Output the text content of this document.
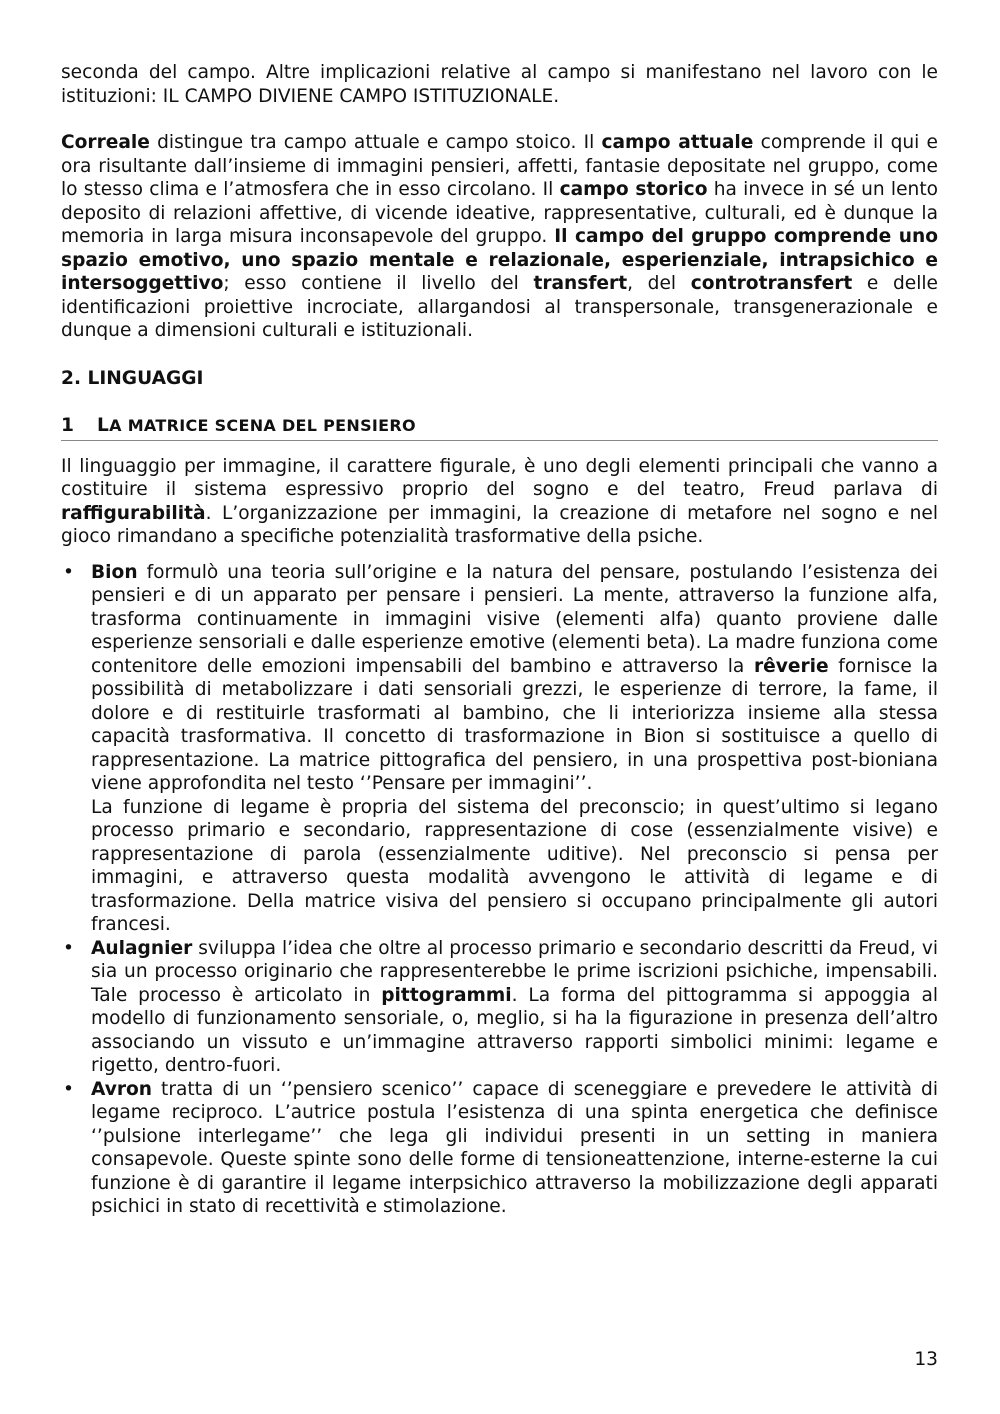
seconda del campo. Altre implicazioni relative al campo si manifestano nel lavoro con le istituzioni: IL CAMPO DIVIENE CAMPO ISTITUZIONALE.

Correale distingue tra campo attuale e campo stoico. Il campo attuale comprende il qui e ora risultante dall’insieme di immagini pensieri, affetti, fantasie depositate nel gruppo, come lo stesso clima e l’atmosfera che in esso circolano. Il campo storico ha invece in sé un lento deposito di relazioni affettive, di vicende ideative, rappresentative, culturali, ed è dunque la memoria in larga misura inconsapevole del gruppo. Il campo del gruppo comprende uno spazio emotivo, uno spazio mentale e relazionale, esperienziale, intrapsichico e intersoggettivo; esso contiene il livello del transfert, del controtransfert e delle identificazioni proiettive incrociate, allargandosi al transpersonale, transgenerazionale e dunque a dimensioni culturali e istituzionali.

2. LINGUAGGI
1	LA MATRICE SCENA DEL PENSIERO

Il linguaggio per immagine, il carattere figurale, è uno degli elementi principali che vanno a costituire il sistema espressivo proprio del sogno e del teatro, Freud parlava di raffigurabilità. L’organizzazione per immagini, la creazione di metafore nel sogno e nel gioco rimandano a specifiche potenzialità trasformative della psiche.

• Bion formulò una teoria sull’origine e la natura del pensare, postulando l’esistenza dei pensieri e di un apparato per pensare i pensieri. La mente, attraverso la funzione alfa, trasforma continuamente in immagini visive (elementi alfa) quanto proviene dalle esperienze sensoriali e dalle esperienze emotive (elementi beta). La madre funziona come contenitore delle emozioni impensabili del bambino e attraverso la rêverie fornisce la possibilità di metabolizzare i dati sensoriali grezzi, le esperienze di terrore, la fame, il dolore e di restituirle trasformati al bambino, che li interiorizza insieme alla stessa capacità trasformativa. Il concetto di trasformazione in Bion si sostituisce a quello di rappresentazione. La matrice pittografica del pensiero, in una prospettiva post-bioniana viene approfondita nel testo ‘’Pensare per immagini’’.

La funzione di legame è propria del sistema del preconscio; in quest’ultimo si legano processo primario e secondario, rappresentazione di cose (essenzialmente visive) e rappresentazione di parola (essenzialmente uditive). Nel preconscio si pensa per immagini, e attraverso questa modalità avvengono le attività di legame e di trasformazione. Della matrice visiva del pensiero si occupano principalmente gli autori francesi.

• Aulagnier sviluppa l’idea che oltre al processo primario e secondario descritti da Freud, vi sia un processo originario che rappresenterebbe le prime iscrizioni psichiche, impensabili. Tale processo è articolato in pittogrammi. La forma del pittogramma si appoggia al modello di funzionamento sensoriale, o, meglio, si ha la figurazione in presenza dell’altro associando un vissuto e un’immagine attraverso rapporti simbolici minimi: legame e rigetto, dentro-fuori.

• Avron tratta di un ‘’pensiero scenico’’ capace di sceneggiare e prevedere le attività di legame reciproco. L’autrice postula l’esistenza di una spinta energetica che definisce ‘’pulsione interlegame’’ che lega gli individui presenti in un setting in maniera consapevole. Queste spinte sono delle forme di tensioneattenzione, interne-esterne la cui funzione è di garantire il legame interpsichico attraverso la mobilizzazione degli apparati psichici in stato di recettività e stimolazione.

13
